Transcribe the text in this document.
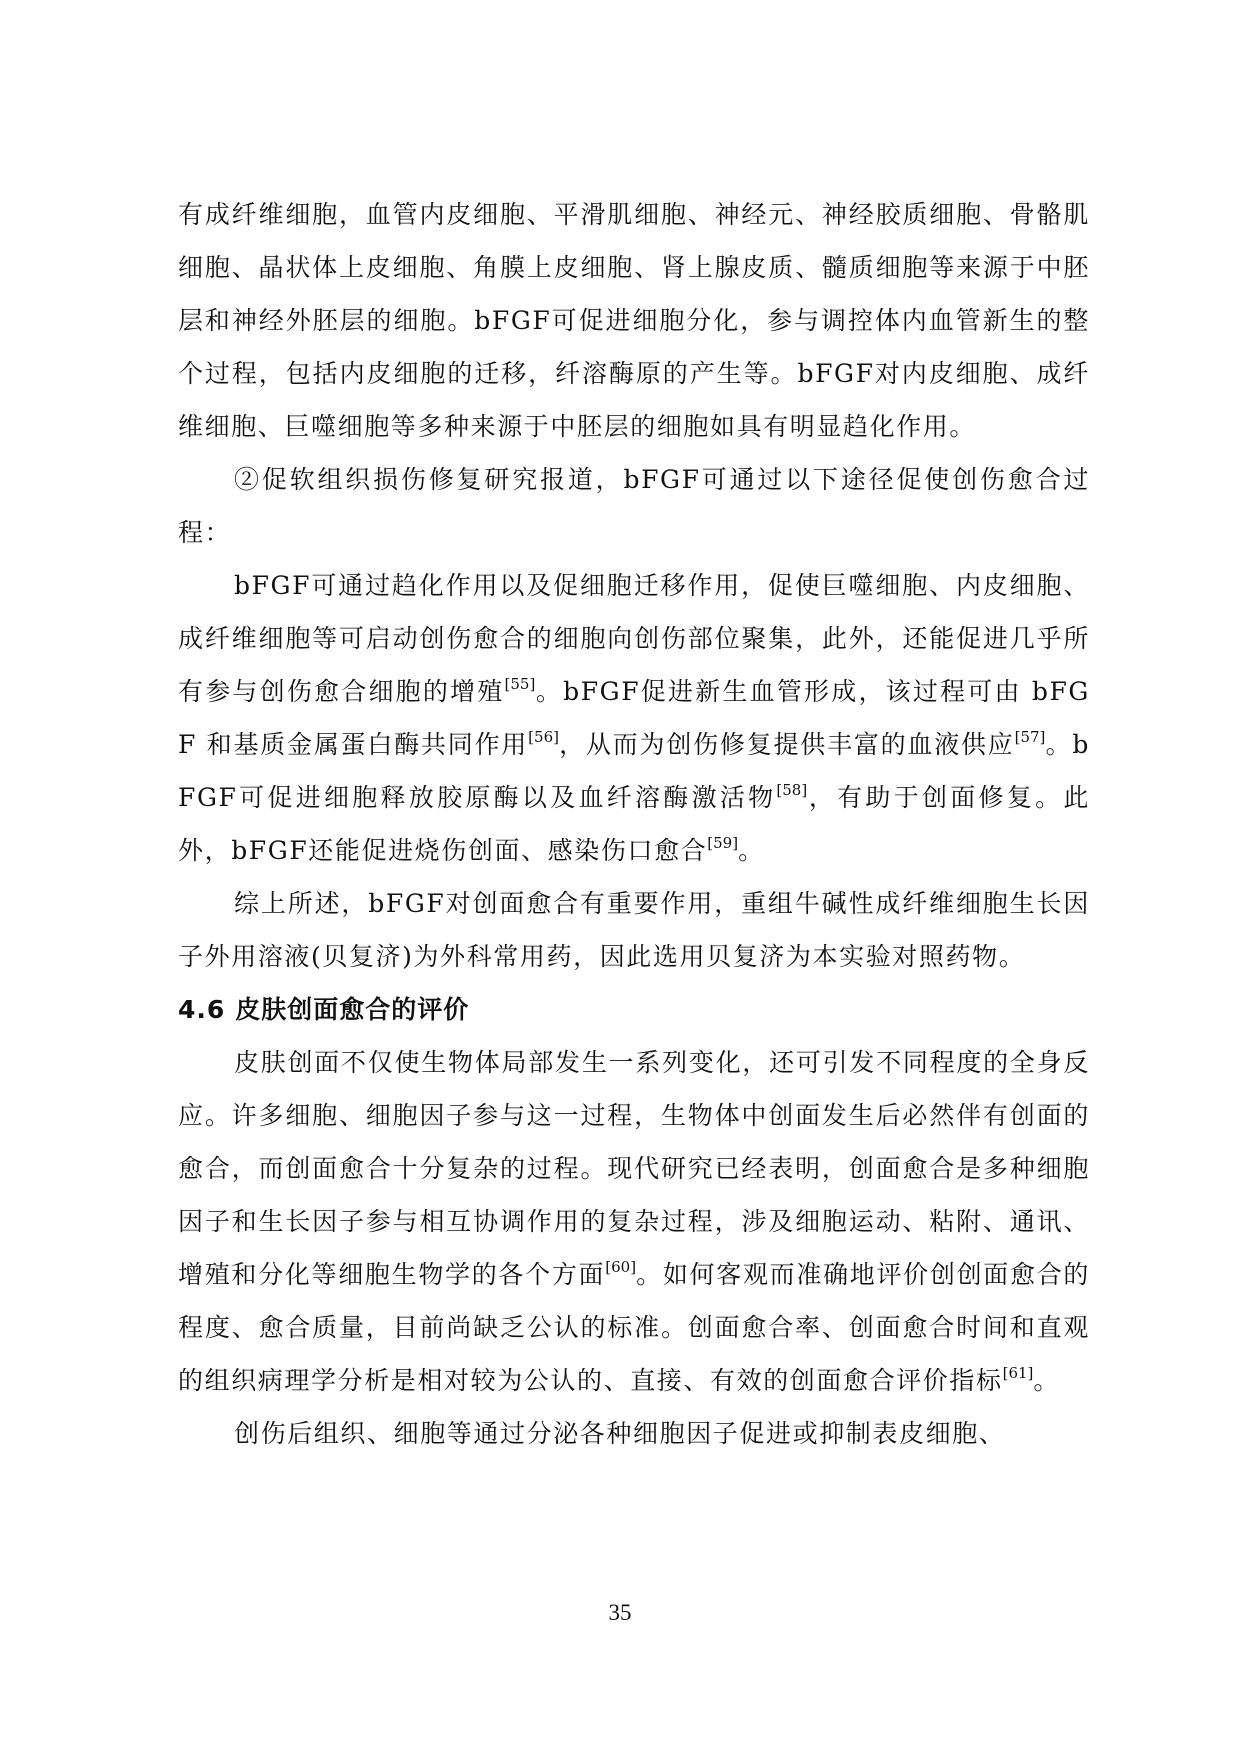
有成纤维细胞，血管内皮细胞、平滑肌细胞、神经元、神经胶质细胞、骨骼肌细胞、晶状体上皮细胞、角膜上皮细胞、肾上腺皮质、髓质细胞等来源于中胚层和神经外胚层的细胞。bFGF可促进细胞分化，参与调控体内血管新生的整个过程，包括内皮细胞的迁移，纤溶酶原的产生等。bFGF对内皮细胞、成纤维细胞、巨噬细胞等多种来源于中胚层的细胞如具有明显趋化作用。

②促软组织损伤修复研究报道，bFGF可通过以下途径促使创伤愈合过程：

bFGF可通过趋化作用以及促细胞迁移作用，促使巨噬细胞、内皮细胞、成纤维细胞等可启动创伤愈合的细胞向创伤部位聚集，此外，还能促进几乎所有参与创伤愈合细胞的增殖[55]。bFGF促进新生血管形成，该过程可由 bFGF 和基质金属蛋白酶共同作用[56]，从而为创伤修复提供丰富的血液供应[57]。bFGF可促进细胞释放胶原酶以及血纤溶酶激活物[58]，有助于创面修复。此外，bFGF还能促进烧伤创面、感染伤口愈合[59]。

综上所述，bFGF对创面愈合有重要作用，重组牛碱性成纤维细胞生长因子外用溶液(贝复济)为外科常用药，因此选用贝复济为本实验对照药物。

4.6 皮肤创面愈合的评价

皮肤创面不仅使生物体局部发生一系列变化，还可引发不同程度的全身反应。许多细胞、细胞因子参与这一过程，生物体中创面发生后必然伴有创面的愈合，而创面愈合十分复杂的过程。现代研究已经表明，创面愈合是多种细胞因子和生长因子参与相互协调作用的复杂过程，涉及细胞运动、粘附、通讯、增殖和分化等细胞生物学的各个方面[60]。如何客观而准确地评价创创面愈合的程度、愈合质量，目前尚缺乏公认的标准。创面愈合率、创面愈合时间和直观的组织病理学分析是相对较为公认的、直接、有效的创面愈合评价指标[61]。

创伤后组织、细胞等通过分泌各种细胞因子促进或抑制表皮细胞、

35
